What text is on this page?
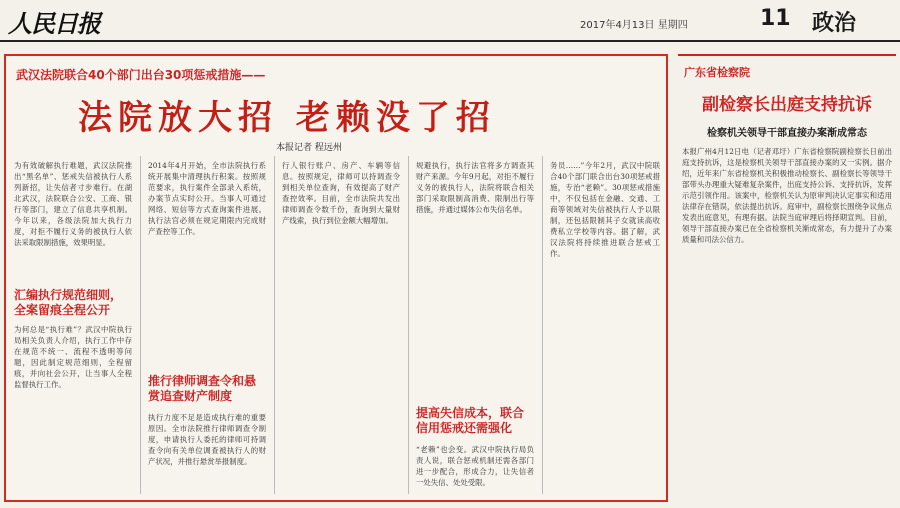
人民日报	2017年4月13日 星期四	11 政治
武汉法院联合40个部门出台30项惩戒措施——
法院放大招 老赖没了招
本报记者 程远州
为有效破解执行难题，武汉法院推出“黑名单”、惩戒失信被执行人系列新招，让失信者寸步难行。在湖北武汉，法院联合公安、工商、银行等部门，建立了信息共享机制。今年以来，各级法院加大执行力度，对拒不履行义务的被执行人依法采取限制措施，效果明显。
汇编执行规范细则，全案留痕全程公开
为何总是“执行难”？武汉中院执行局相关负责人介绍，执行工作中存在规范不统一、流程不透明等问题，因此制定规范细则，全程留痕，并向社会公开，让当事人全程监督执行工作。
2014年4月开始，全市法院执行系统开展集中清理执行积案。按照规范要求，执行案件全部录入系统，办案节点实时公开。当事人可通过网络、短信等方式查询案件进展。执行法官必须在规定期限内完成财产查控等工作。
推行律师调查令和悬赏追查财产制度
执行力度不足是造成执行难的重要原因。全市法院推行律师调查令制度，申请执行人委托的律师可持调查令向有关单位调查被执行人的财产状况，并推行悬赏举报制度。
行人银行账户、房产、车辆等信息。按照规定，律师可以持调查令到相关单位查询，有效提高了财产查控效率。目前，全市法院共发出律师调查令数千份，查询到大量财产线索，执行到位金额大幅增加。
规避执行，执行法官将多方调查其财产来源。今年9月起，对拒不履行义务的被执行人，法院将联合相关部门采取限制高消费、限制出行等措施，并通过媒体公布失信名单。
提高失信成本，联合信用惩戒还需强化
“老赖”也会变。武汉中院执行局负责人说，联合惩戒机制还需各部门进一步配合，形成合力，让失信者一处失信、处处受限。
务员……”今年2月，武汉中院联合40个部门联合出台30项惩戒措施，专治“老赖”。30项惩戒措施中，不仅包括在金融、交通、工商等领域对失信被执行人予以限制，还包括限制其子女就读高收费私立学校等内容。据了解，武汉法院将持续推进联合惩戒工作。
广东省检察院
副检察长出庭支持抗诉
检察机关领导干部直接办案渐成常态
本报广州4月12日电（记者邓圩）广东省检察院副检察长日前出庭支持抗诉，这是检察机关领导干部直接办案的又一实例。据介绍，近年来广东省检察机关积极推动检察长、副检察长等领导干部带头办理重大疑难复杂案件，出庭支持公诉、支持抗诉，发挥示范引领作用。该案中，检察机关认为原审判决认定事实和适用法律存在错误，依法提出抗诉。庭审中，副检察长围绕争议焦点发表出庭意见，有理有据。法院当庭审理后将择期宣判。目前，领导干部直接办案已在全省检察机关渐成常态，有力提升了办案质量和司法公信力。
